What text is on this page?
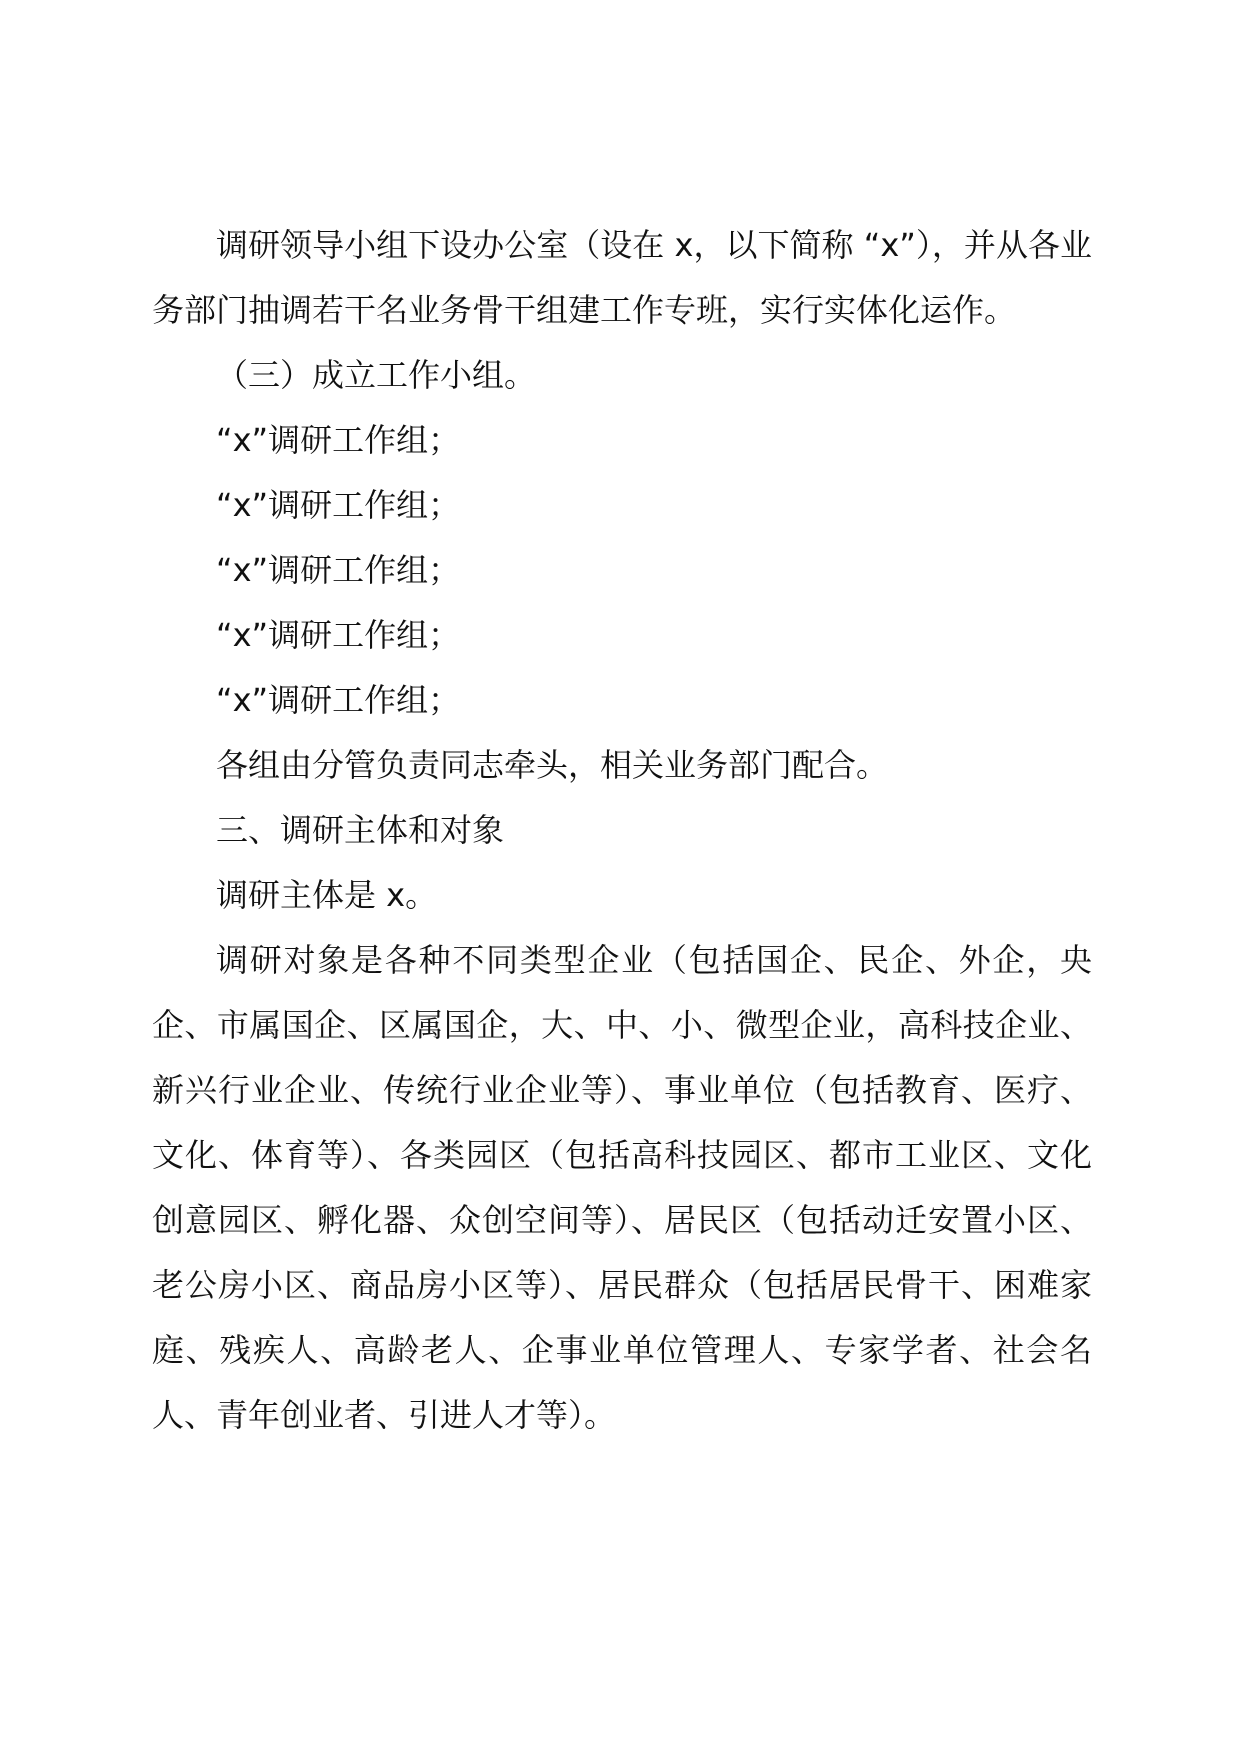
调研领导小组下设办公室（设在 x，以下简称 “x”），并从各业务部门抽调若干名业务骨干组建工作专班，实行实体化运作。

（三）成立工作小组。

“x”调研工作组；

“x”调研工作组；

“x”调研工作组；

“x”调研工作组；

“x”调研工作组；

各组由分管负责同志牵头，相关业务部门配合。

三、调研主体和对象

调研主体是 x。

调研对象是各种不同类型企业（包括国企、民企、外企，央企、市属国企、区属国企，大、中、小、微型企业，高科技企业、新兴行业企业、传统行业企业等）、事业单位（包括教育、医疗、文化、体育等）、各类园区（包括高科技园区、都市工业区、文化创意园区、孵化器、众创空间等）、居民区（包括动迁安置小区、老公房小区、商品房小区等）、居民群众（包括居民骨干、困难家庭、残疾人、高龄老人、企事业单位管理人、专家学者、社会名人、青年创业者、引进人才等）。
